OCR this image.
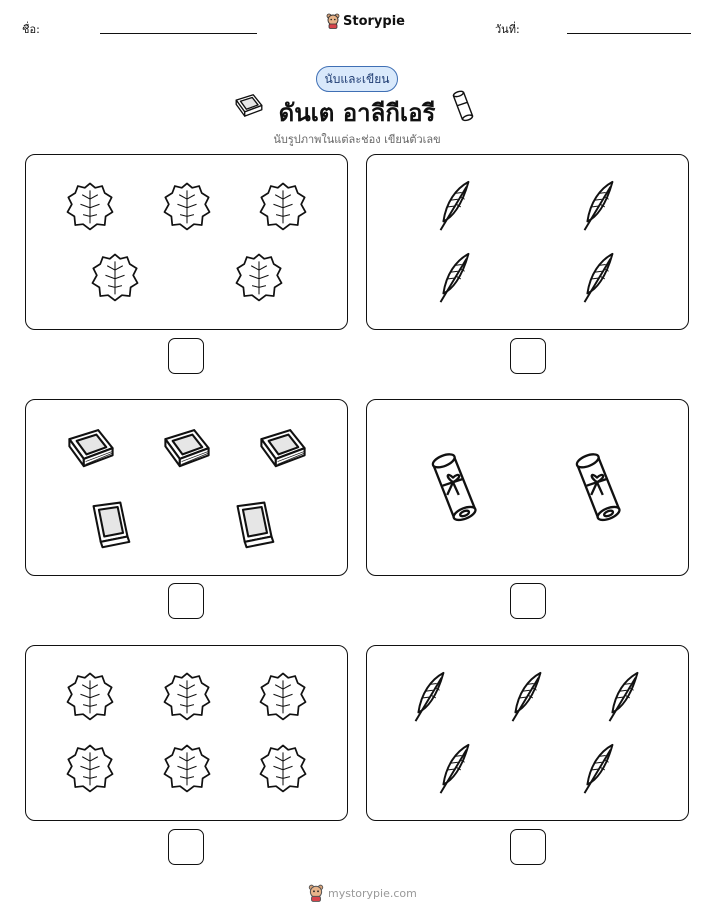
ชื่อ:
Storypie
วันที่:
นับและเขียน
ดันเต อาลีกีเอรี
นับรูปภาพในแต่ละช่อง เขียนตัวเลข
mystorypie.com
